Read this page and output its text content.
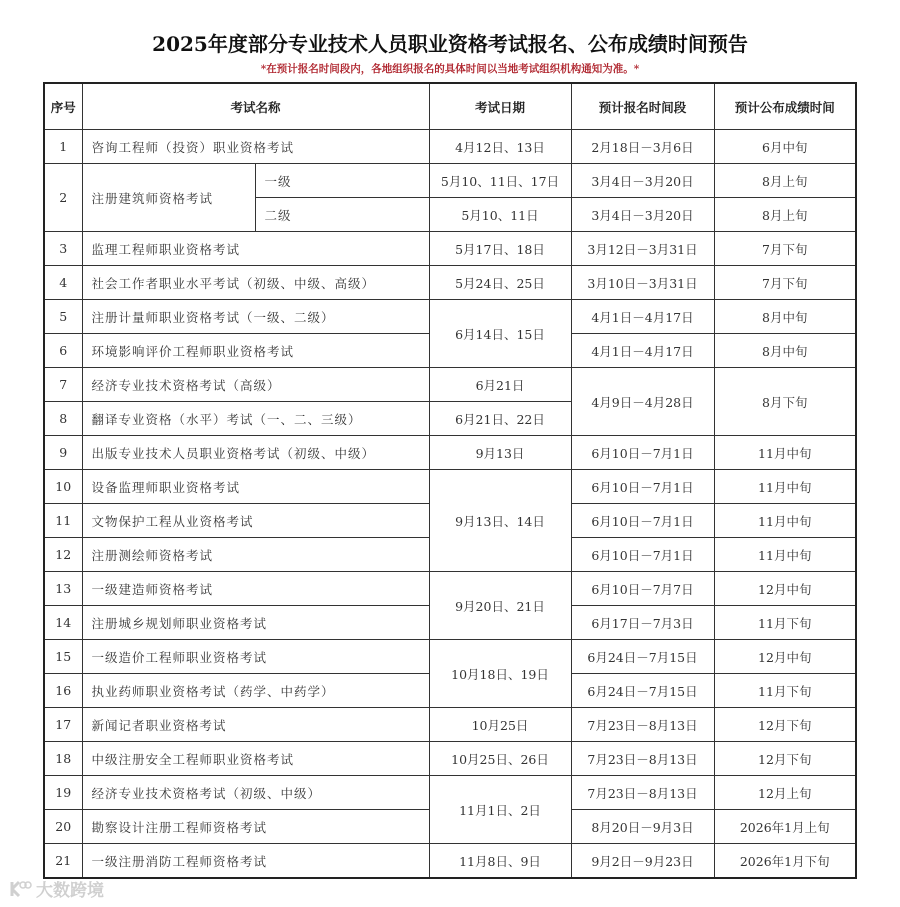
2025年度部分专业技术人员职业资格考试报名、公布成绩时间预告
*在预计报名时间段内，各地组织报名的具体时间以当地考试组织机构通知为准。*
序号	考试名称		考试日期	预计报名时间段	预计公布成绩时间
1	咨询工程师（投资）职业资格考试		4月12日、13日	2月18日－3月6日	6月中旬
2	注册建筑师资格考试	一级	5月10、11日、17日	3月4日－3月20日	8月上旬
		二级	5月10、11日	3月4日－3月20日	8月上旬
3	监理工程师职业资格考试		5月17日、18日	3月12日－3月31日	7月下旬
4	社会工作者职业水平考试（初级、中级、高级）		5月24日、25日	3月10日－3月31日	7月下旬
5	注册计量师职业资格考试（一级、二级）		6月14日、15日	4月1日－4月17日	8月中旬
6	环境影响评价工程师职业资格考试			4月1日－4月17日	8月中旬
7	经济专业技术资格考试（高级）		6月21日	4月9日－4月28日	8月下旬
8	翻译专业资格（水平）考试（一、二、三级）		6月21日、22日		
9	出版专业技术人员职业资格考试（初级、中级）		9月13日	6月10日－7月1日	11月中旬
10	设备监理师职业资格考试		9月13日、14日	6月10日－7月1日	11月中旬
11	文物保护工程从业资格考试			6月10日－7月1日	11月中旬
12	注册测绘师资格考试			6月10日－7月1日	11月中旬
13	一级建造师资格考试		9月20日、21日	6月10日－7月7日	12月中旬
14	注册城乡规划师职业资格考试			6月17日－7月3日	11月下旬
15	一级造价工程师职业资格考试		10月18日、19日	6月24日－7月15日	12月中旬
16	执业药师职业资格考试（药学、中药学）			6月24日－7月15日	11月下旬
17	新闻记者职业资格考试		10月25日	7月23日－8月13日	12月下旬
18	中级注册安全工程师职业资格考试		10月25日、26日	7月23日－8月13日	12月下旬
19	经济专业技术资格考试（初级、中级）		11月1日、2日	7月23日－8月13日	12月上旬
20	勘察设计注册工程师资格考试			8月20日－9月3日	2026年1月上旬
21	一级注册消防工程师资格考试		11月8日、9日	9月2日－9月23日	2026年1月下旬
大数跨境
